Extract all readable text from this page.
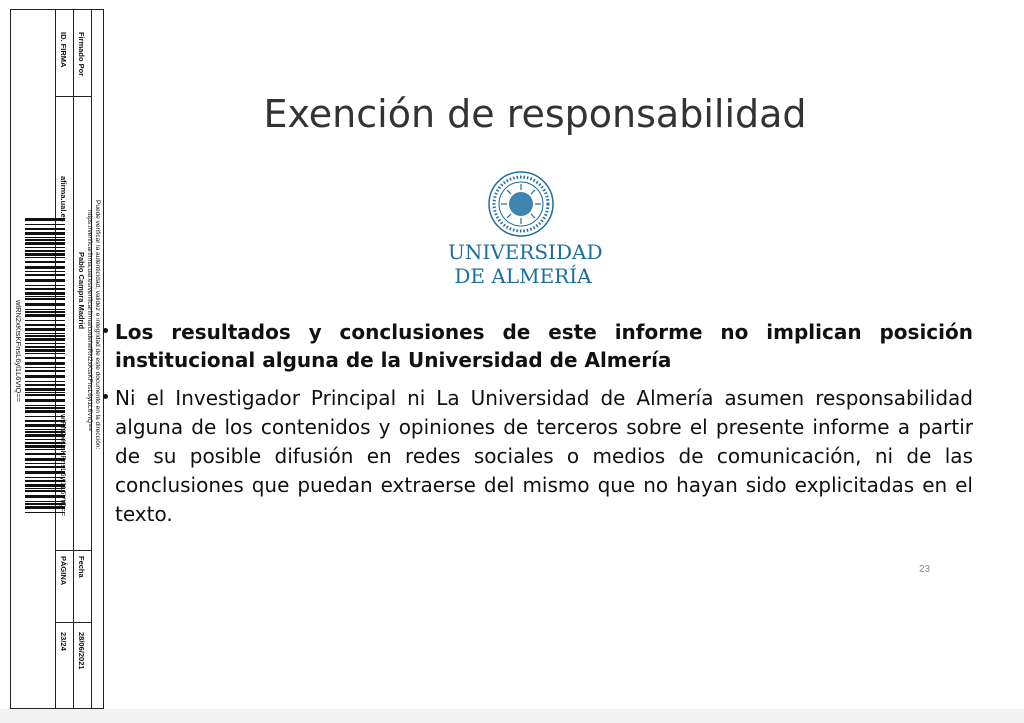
wlRN2xKtsKFnsL6yl1L6VtQ==
ID. FIRMA
afirma.ual.es
wlRN2xKtsKFnsL6yl1L6VtQ==
PÁGINA
23/24
Firmado Por
Pablo Campra Madrid
Fecha
28/06/2021
Puede verificar la autenticidad, validez e integridad de este documento en la dirección:
https://verificarfirma.ual.es/verificarfirma/code/wlRN2xKtsKFnsL6yl1L6VtQ==
Exención de responsabilidad
UNIVERSIDAD
DE ALMERÍA

Los resultados y conclusiones de este informe no implican posición institucional alguna de la Universidad de Almería

Ni el Investigador Principal ni La Universidad de Almería asumen responsabilidad alguna de los contenidos y opiniones de terceros sobre el presente informe a partir de su posible difusión en redes sociales o medios de comunicación, ni de las conclusiones que puedan extraerse del mismo que no hayan sido explicitadas en el texto.

23
